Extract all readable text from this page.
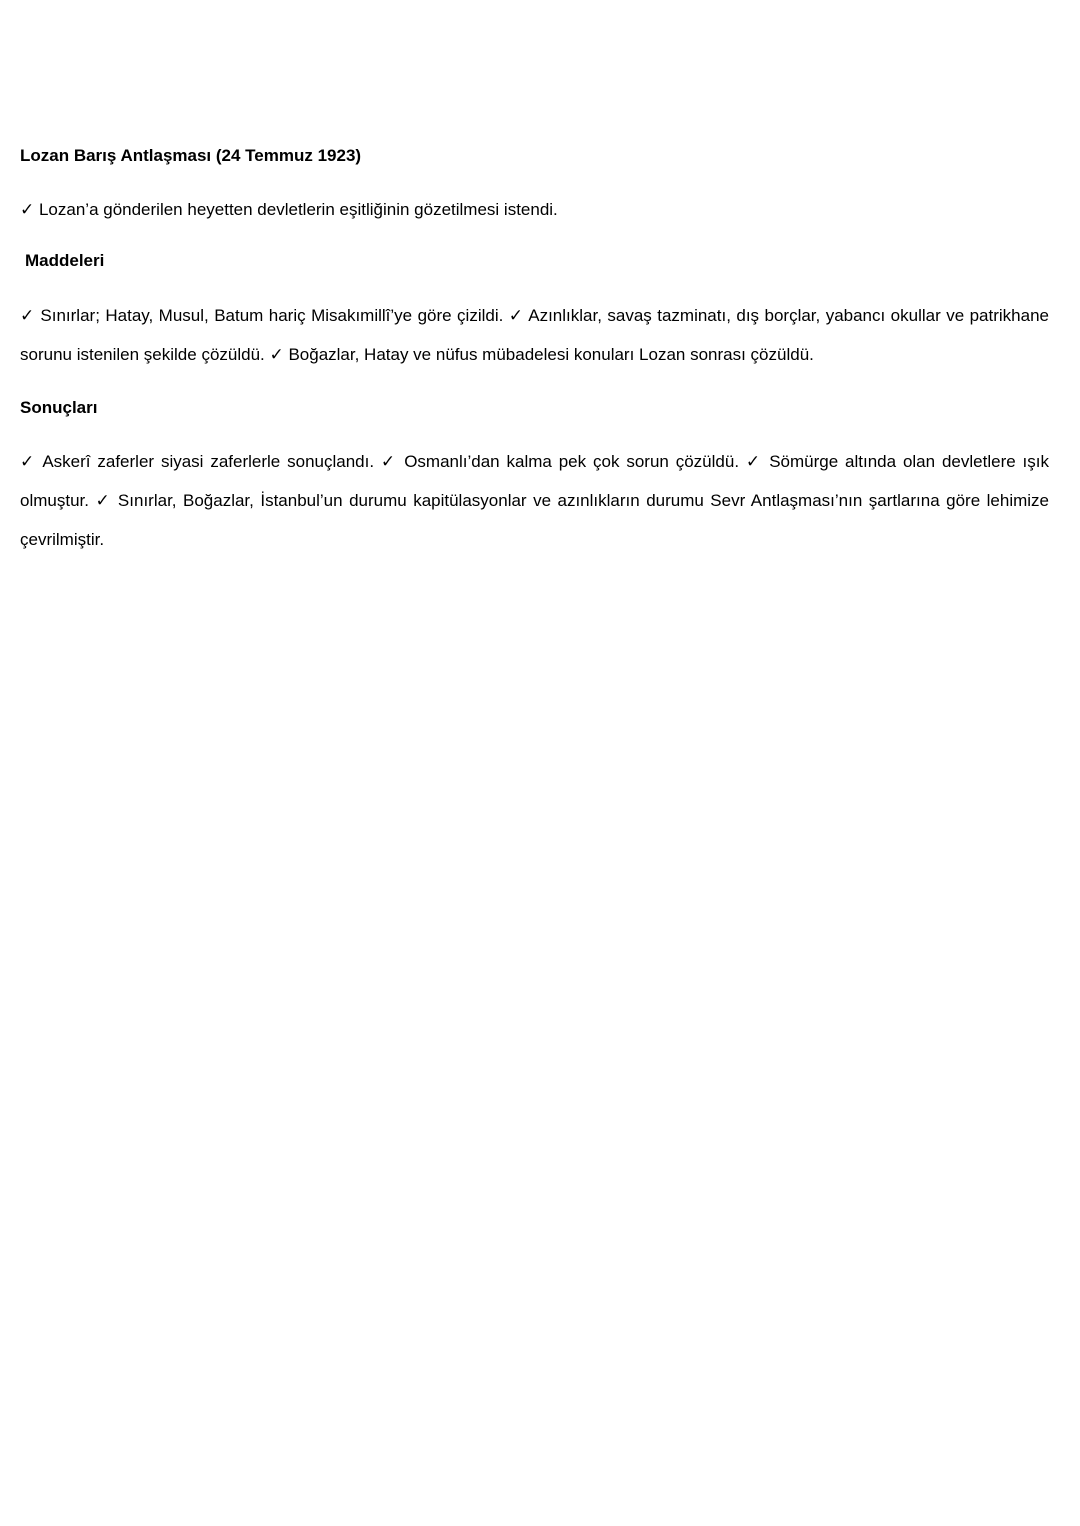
Lozan Barış Antlaşması (24 Temmuz 1923)
✓ Lozan’a gönderilen heyetten devletlerin eşitliğinin gözetilmesi istendi.
Maddeleri
✓ Sınırlar; Hatay, Musul, Batum hariç Misakımillî’ye göre çizildi. ✓ Azınlıklar, savaş tazminatı, dış borçlar, yabancı okullar ve patrikhane sorunu istenilen şekilde çözüldü. ✓ Boğazlar, Hatay ve nüfus mübadelesi konuları Lozan sonrası çözüldü.
Sonuçları
✓ Askerî zaferler siyasi zaferlerle sonuçlandı. ✓ Osmanlı’dan kalma pek çok sorun çözüldü. ✓ Sömürge altında olan devletlere ışık olmuştur. ✓ Sınırlar, Boğazlar, İstanbul’un durumu kapitülasyonlar ve azınlıkların durumu Sevr Antlaşması’nın şartlarına göre lehimize çevrilmiştir.
